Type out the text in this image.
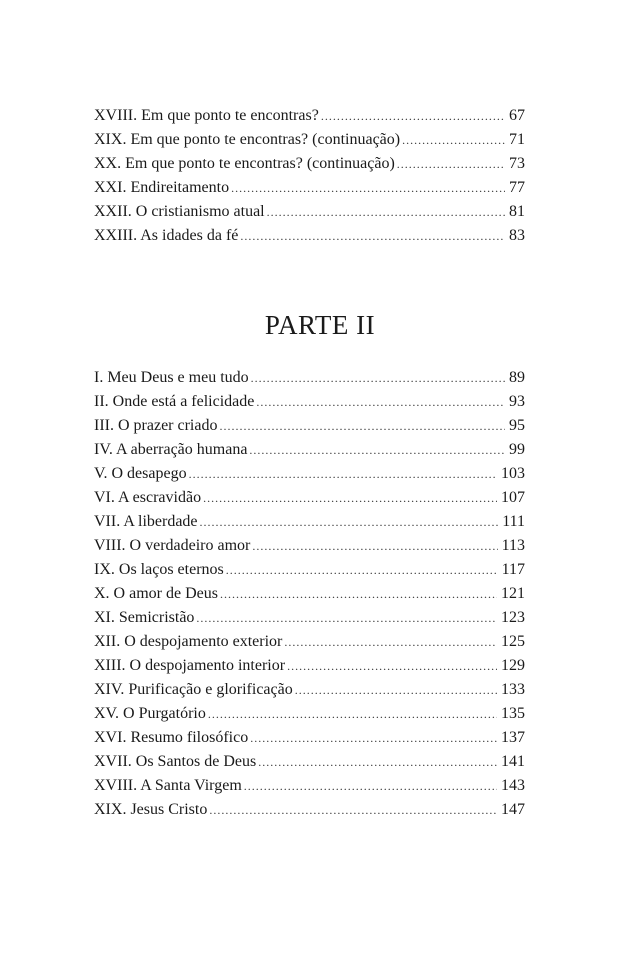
XVIII. Em que ponto te encontras? .....	67
XIX. Em que ponto te encontras? (continuação) .....	71
XX. Em que ponto te encontras? (continuação) .....	73
XXI. Endireitamento .....	77
XXII. O cristianismo atual .....	81
XXIII. As idades da fé .....	83
PARTE II
I. Meu Deus e meu tudo .....	89
II. Onde está a felicidade .....	93
III. O prazer criado .....	95
IV. A aberração humana .....	99
V. O desapego .....	103
VI. A escravidão .....	107
VII. A liberdade .....	111
VIII. O verdadeiro amor .....	113
IX. Os laços eternos .....	117
X. O amor de Deus .....	121
XI. Semicristão .....	123
XII. O despojamento exterior .....	125
XIII. O despojamento interior .....	129
XIV. Purificação e glorificação .....	133
XV. O Purgatório .....	135
XVI. Resumo filosófico .....	137
XVII. Os Santos de Deus .....	141
XVIII. A Santa Virgem .....	143
XIX. Jesus Cristo .....	147
